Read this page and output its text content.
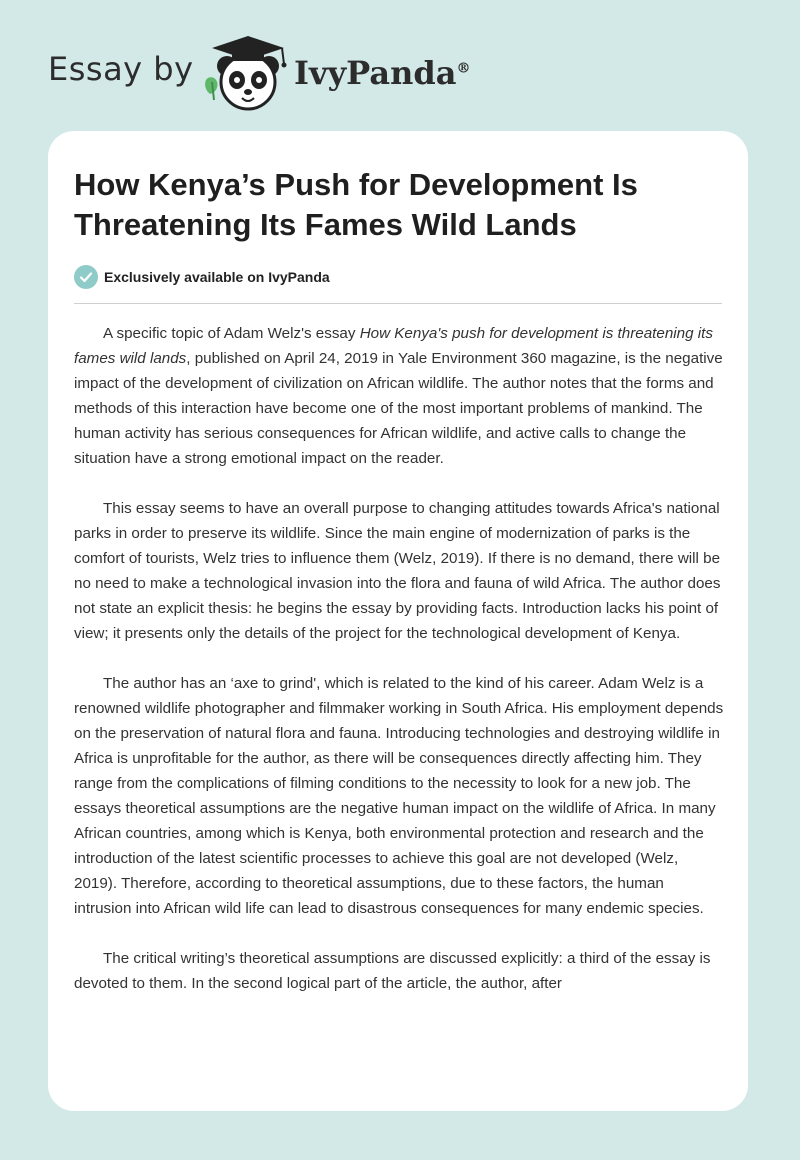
Essay by	IvyPanda®
How Kenya’s Push for Development Is Threatening Its Fames Wild Lands
Exclusively available on IvyPanda

A specific topic of Adam Welz's essay How Kenya's push for development is threatening its fames wild lands, published on April 24, 2019 in Yale Environment 360 magazine, is the negative impact of the development of civilization on African wildlife. The author notes that the forms and methods of this interaction have become one of the most important problems of mankind. The human activity has serious consequences for African wildlife, and active calls to change the situation have a strong emotional impact on the reader.

This essay seems to have an overall purpose to changing attitudes towards Africa's national parks in order to preserve its wildlife. Since the main engine of modernization of parks is the comfort of tourists, Welz tries to influence them (Welz, 2019). If there is no demand, there will be no need to make a technological invasion into the flora and fauna of wild Africa. The author does not state an explicit thesis: he begins the essay by providing facts. Introduction lacks his point of view; it presents only the details of the project for the technological development of Kenya.

The author has an ‘axe to grind', which is related to the kind of his career. Adam Welz is a renowned wildlife photographer and filmmaker working in South Africa. His employment depends on the preservation of natural flora and fauna. Introducing technologies and destroying wildlife in Africa is unprofitable for the author, as there will be consequences directly affecting him. They range from the complications of filming conditions to the necessity to look for a new job. The essays theoretical assumptions are the negative human impact on the wildlife of Africa. In many African countries, among which is Kenya, both environmental protection and research and the introduction of the latest scientific processes to achieve this goal are not developed (Welz, 2019). Therefore, according to theoretical assumptions, due to these factors, the human intrusion into African wild life can lead to disastrous consequences for many endemic species.

The critical writing’s theoretical assumptions are discussed explicitly: a third of the essay is devoted to them. In the second logical part of the article, the author, after
